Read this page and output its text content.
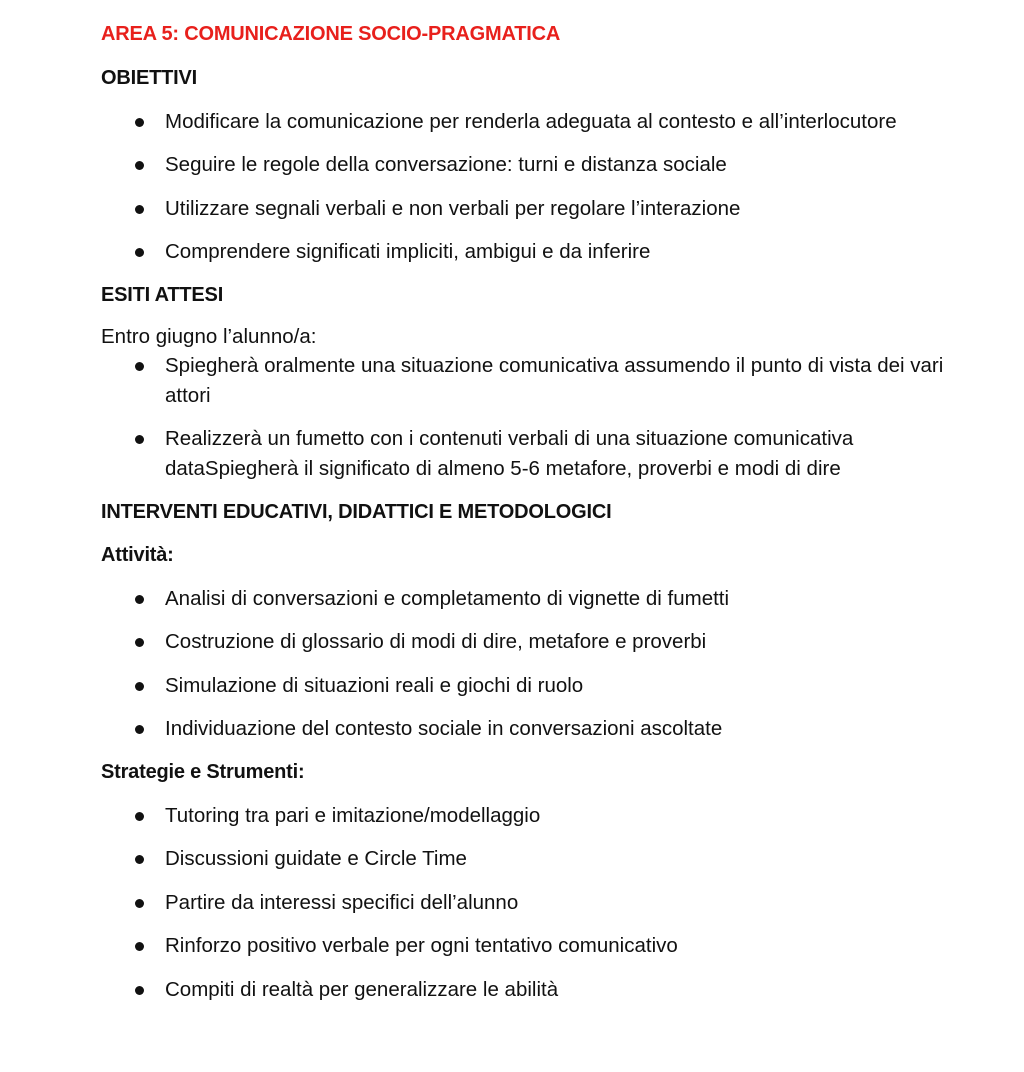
AREA 5: COMUNICAZIONE SOCIO-PRAGMATICA
OBIETTIVI
Modificare la comunicazione per renderla adeguata al contesto e all’interlocutore
Seguire le regole della conversazione: turni e distanza sociale
Utilizzare segnali verbali e non verbali per regolare l’interazione
Comprendere significati impliciti, ambigui e da inferire
ESITI ATTESI
Entro giugno l’alunno/a:
Spiegherà oralmente una situazione comunicativa assumendo il punto di vista dei vari attori
Realizzerà un fumetto con i contenuti verbali di una situazione comunicativa dataSpiegherà il significato di almeno 5-6 metafore, proverbi e modi di dire
INTERVENTI EDUCATIVI, DIDATTICI E METODOLOGICI
Attività:
Analisi di conversazioni e completamento di vignette di fumetti
Costruzione di glossario di modi di dire, metafore e proverbi
Simulazione di situazioni reali e giochi di ruolo
Individuazione del contesto sociale in conversazioni ascoltate
Strategie e Strumenti:
Tutoring tra pari e imitazione/modellaggio
Discussioni guidate e Circle Time
Partire da interessi specifici dell’alunno
Rinforzo positivo verbale per ogni tentativo comunicativo
Compiti di realtà per generalizzare le abilità
